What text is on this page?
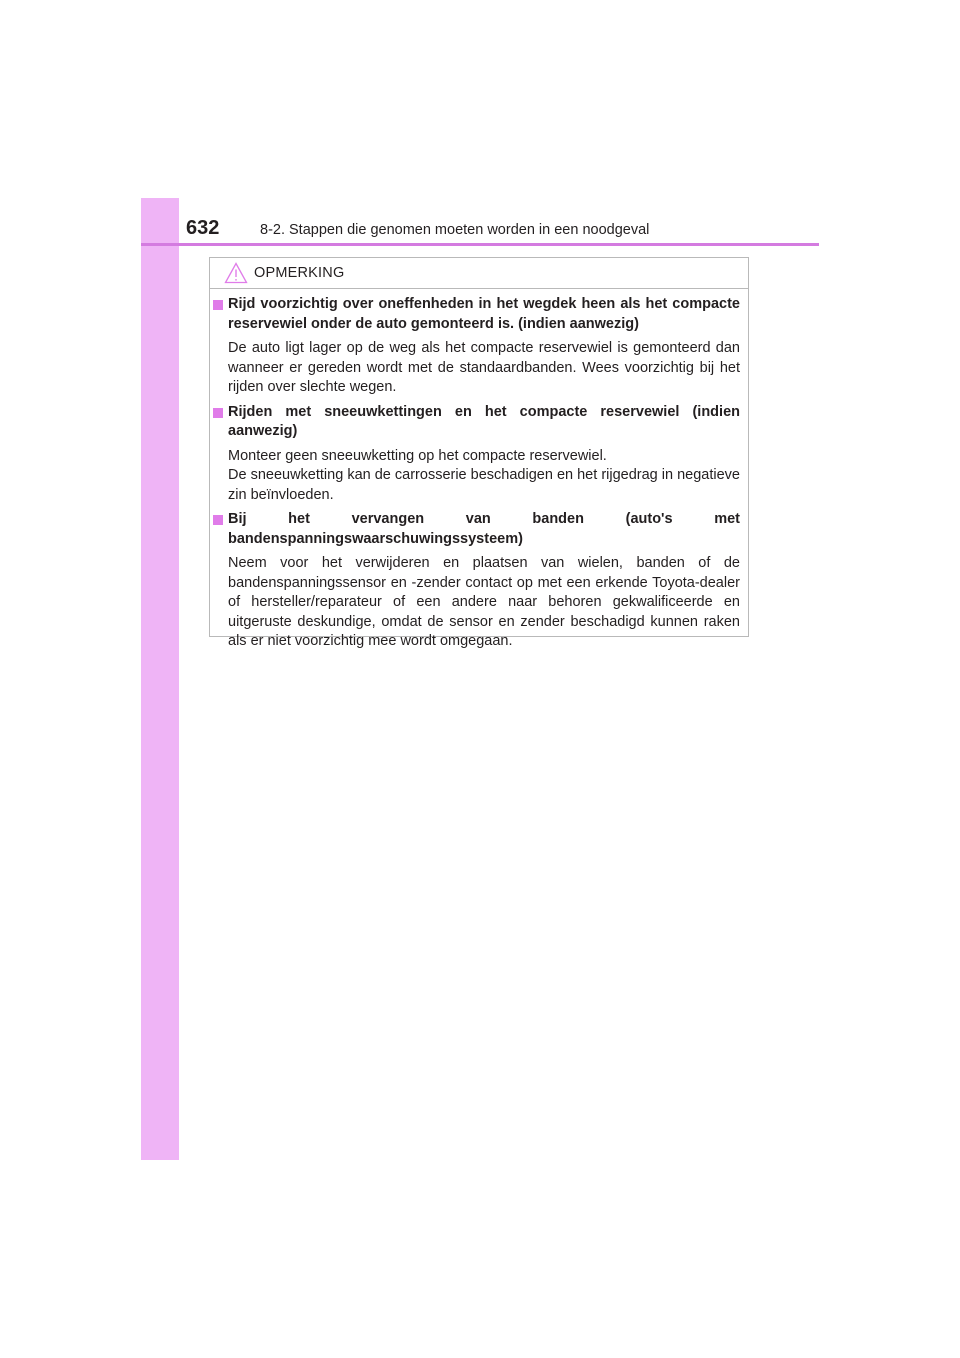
632	8-2. Stappen die genomen moeten worden in een noodgeval
OPMERKING
Rijd voorzichtig over oneffenheden in het wegdek heen als het compacte reservewiel onder de auto gemonteerd is. (indien aanwezig)
De auto ligt lager op de weg als het compacte reservewiel is gemonteerd dan wanneer er gereden wordt met de standaardbanden. Wees voorzichtig bij het rijden over slechte wegen.
Rijden met sneeuwkettingen en het compacte reservewiel (indien aanwezig)
Monteer geen sneeuwketting op het compacte reservewiel.
De sneeuwketting kan de carrosserie beschadigen en het rijgedrag in negatieve zin beïnvloeden.
Bij het vervangen van banden (auto's met bandenspanningswaarschuwingssysteem)
Neem voor het verwijderen en plaatsen van wielen, banden of de bandenspanningssensor en -zender contact op met een erkende Toyota-dealer of hersteller/reparateur of een andere naar behoren gekwalificeerde en uitgeruste deskundige, omdat de sensor en zender beschadigd kunnen raken als er niet voorzichtig mee wordt omgegaan.
